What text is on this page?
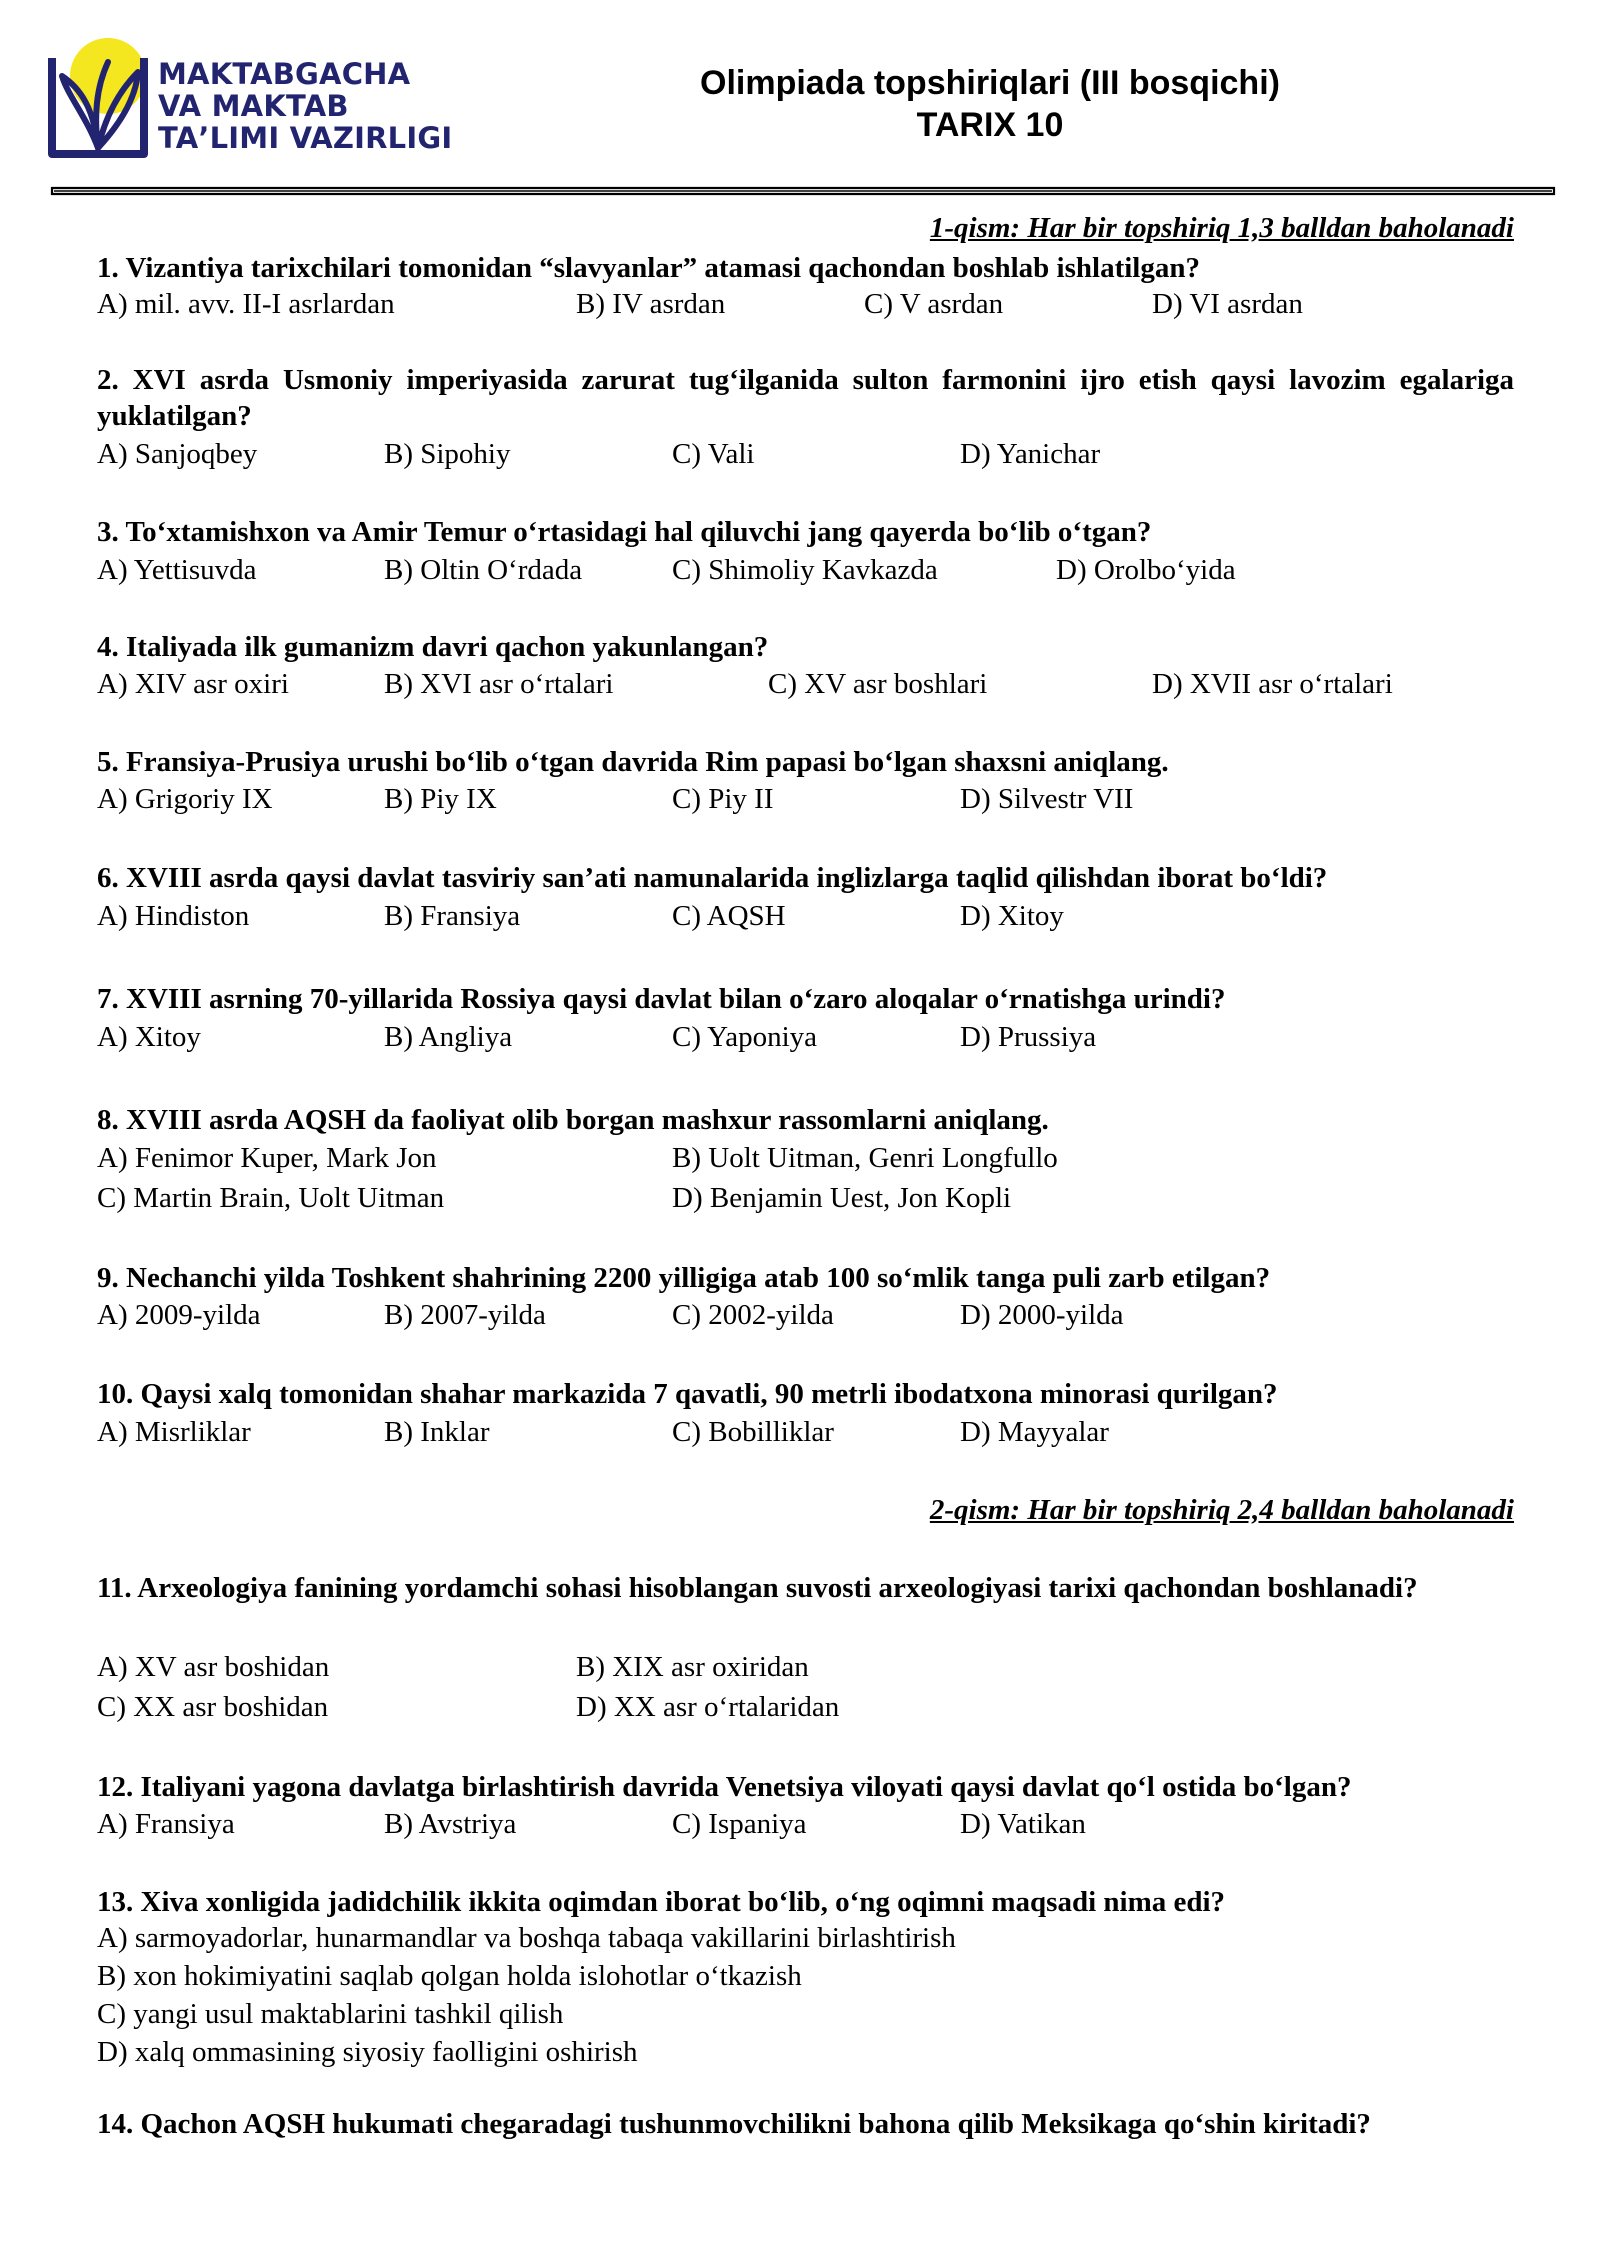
MAKTABGACHA
VA MAKTAB
TAʼLIMI VAZIRLIGI
Olimpiada topshiriqlari (III bosqichi)
TARIX 10
1-qism: Har bir topshiriq 1,3 balldan baholanadi
1. Vizantiya tarixchilari tomonidan “slavyanlar” atamasi qachondan boshlab ishlatilgan?
A) mil. avv. II-I asrlardan	B) IV asrdan	C) V asrdan	D) VI asrdan
2. XVI asrda Usmoniy imperiyasida zarurat tug‘ilganida sulton farmonini ijro etish qaysi lavozim egalariga yuklatilgan?
A) Sanjoqbey	B) Sipohiy	C) Vali	D) Yanichar
3. To‘xtamishxon va Amir Temur o‘rtasidagi hal qiluvchi jang qayerda bo‘lib o‘tgan?
A) Yettisuvda	B) Oltin O‘rdada	C) Shimoliy Kavkazda	D) Orolbo‘yida
4. Italiyada ilk gumanizm davri qachon yakunlangan?
A) XIV asr oxiri	B) XVI asr o‘rtalari	C) XV asr boshlari	D) XVII asr o‘rtalari
5. Fransiya-Prusiya urushi bo‘lib o‘tgan davrida Rim papasi bo‘lgan shaxsni aniqlang.
A) Grigoriy IX	B) Piy IX	C) Piy II	D) Silvestr VII
6. XVIII asrda qaysi davlat tasviriy san’ati namunalarida inglizlarga taqlid qilishdan iborat bo‘ldi?
A) Hindiston	B) Fransiya	C) AQSH	D) Xitoy
7. XVIII asrning 70-yillarida Rossiya qaysi davlat bilan o‘zaro aloqalar o‘rnatishga urindi?
A) Xitoy	B) Angliya	C) Yaponiya	D) Prussiya
8. XVIII asrda AQSH da faoliyat olib borgan mashxur rassomlarni aniqlang.
A) Fenimor Kuper, Mark Jon	B) Uolt Uitman, Genri Longfullo
C) Martin Brain, Uolt Uitman	D) Benjamin Uest, Jon Kopli
9. Nechanchi yilda Toshkent shahrining 2200 yilligiga atab 100 so‘mlik tanga puli zarb etilgan?
A) 2009-yilda	B) 2007-yilda	C) 2002-yilda	D) 2000-yilda
10. Qaysi xalq tomonidan shahar markazida 7 qavatli, 90 metrli ibodatxona minorasi qurilgan?
A) Misrliklar	B) Inklar	C) Bobilliklar	D) Mayyalar
2-qism: Har bir topshiriq 2,4 balldan baholanadi
11. Arxeologiya fanining yordamchi sohasi hisoblangan suvosti arxeologiyasi tarixi qachondan boshlanadi?
A) XV asr boshidan	B) XIX asr oxiridan
C) XX asr boshidan	D) XX asr o‘rtalaridan
12. Italiyani yagona davlatga birlashtirish davrida Venetsiya viloyati qaysi davlat qo‘l ostida bo‘lgan?
A) Fransiya	B) Avstriya	C) Ispaniya	D) Vatikan
13. Xiva xonligida jadidchilik ikkita oqimdan iborat bo‘lib, o‘ng oqimni maqsadi nima edi?
A) sarmoyadorlar, hunarmandlar va boshqa tabaqa vakillarini birlashtirish
B) xon hokimiyatini saqlab qolgan holda islohotlar o‘tkazish
C) yangi usul maktablarini tashkil qilish
D) xalq ommasining siyosiy faolligini oshirish
14. Qachon AQSH hukumati chegaradagi tushunmovchilikni bahona qilib Meksikaga qo‘shin kiritadi?
